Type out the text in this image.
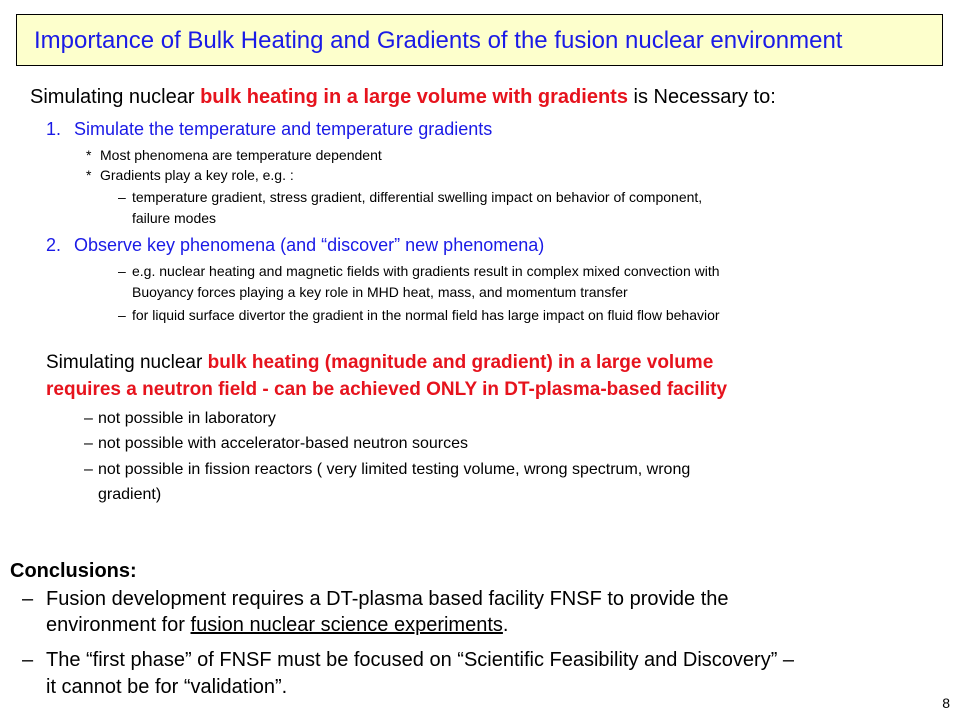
Importance of Bulk Heating and Gradients of the fusion nuclear environment
Simulating nuclear bulk heating in a large volume with gradients is Necessary to:
1. Simulate the temperature and temperature gradients
* Most phenomena are temperature dependent
* Gradients play a key role, e.g. :
– temperature gradient, stress gradient, differential swelling impact on behavior of component,
failure modes
2. Observe key phenomena (and “discover” new phenomena)
– e.g. nuclear heating and magnetic fields with gradients result in complex mixed convection with
Buoyancy forces playing a key role in MHD heat, mass, and momentum transfer
– for liquid surface divertor the gradient in the normal field has large impact on fluid flow behavior
Simulating nuclear bulk heating (magnitude and gradient) in a large volume
requires a neutron field - can be achieved ONLY in DT-plasma-based facility
– not possible in laboratory
– not possible with accelerator-based neutron sources
– not possible in fission reactors ( very limited testing volume, wrong spectrum, wrong
gradient)
Conclusions:
– Fusion development requires a DT-plasma based facility FNSF to provide the
environment for fusion nuclear science experiments.
– The “first phase” of FNSF must be focused on “Scientific Feasibility and Discovery” –
it cannot be for “validation”.
8
